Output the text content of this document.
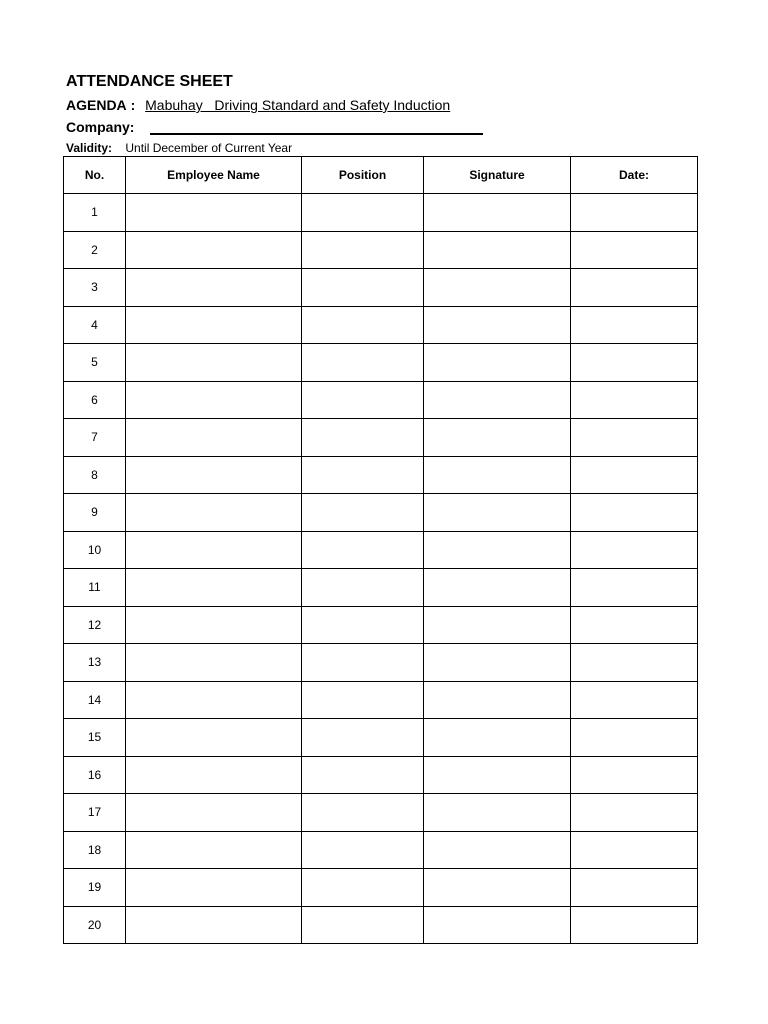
ATTENDANCE SHEET
AGENDA : Mabuhay   Driving Standard and Safety Induction
Company:
Validity: Until December of Current Year
No.	Employee Name	Position	Signature	Date:
1				
2				
3				
4				
5				
6				
7				
8				
9				
10				
11				
12				
13				
14				
15				
16				
17				
18				
19				
20				
